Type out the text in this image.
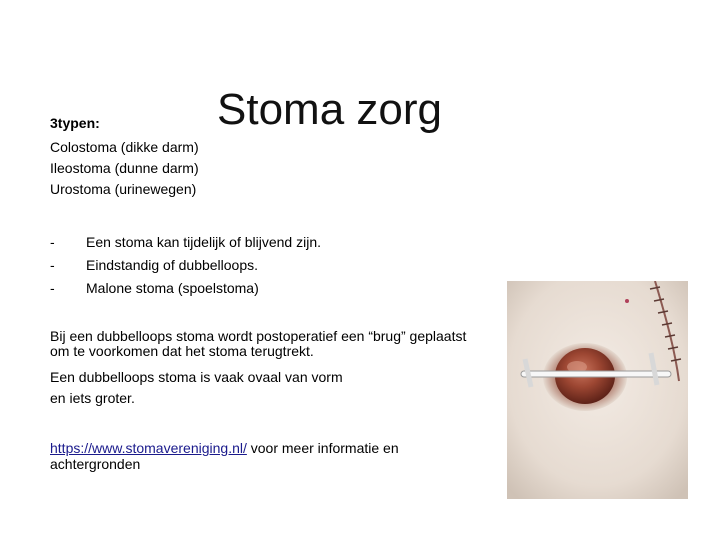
Stoma zorg
3typen:
Colostoma (dikke darm)
Ileostoma (dunne darm)
Urostoma (urinewegen)
- Een stoma kan tijdelijk of blijvend zijn.
- Eindstandig of dubbelloops.
- Malone stoma (spoelstoma)
Bij een dubbelloops stoma wordt postoperatief een “brug” geplaatst
om te voorkomen dat het stoma terugtrekt.
Een dubbelloops stoma is vaak ovaal van vorm en iets groter.
https://www.stomavereniging.nl/ voor meer informatie en achtergronden
